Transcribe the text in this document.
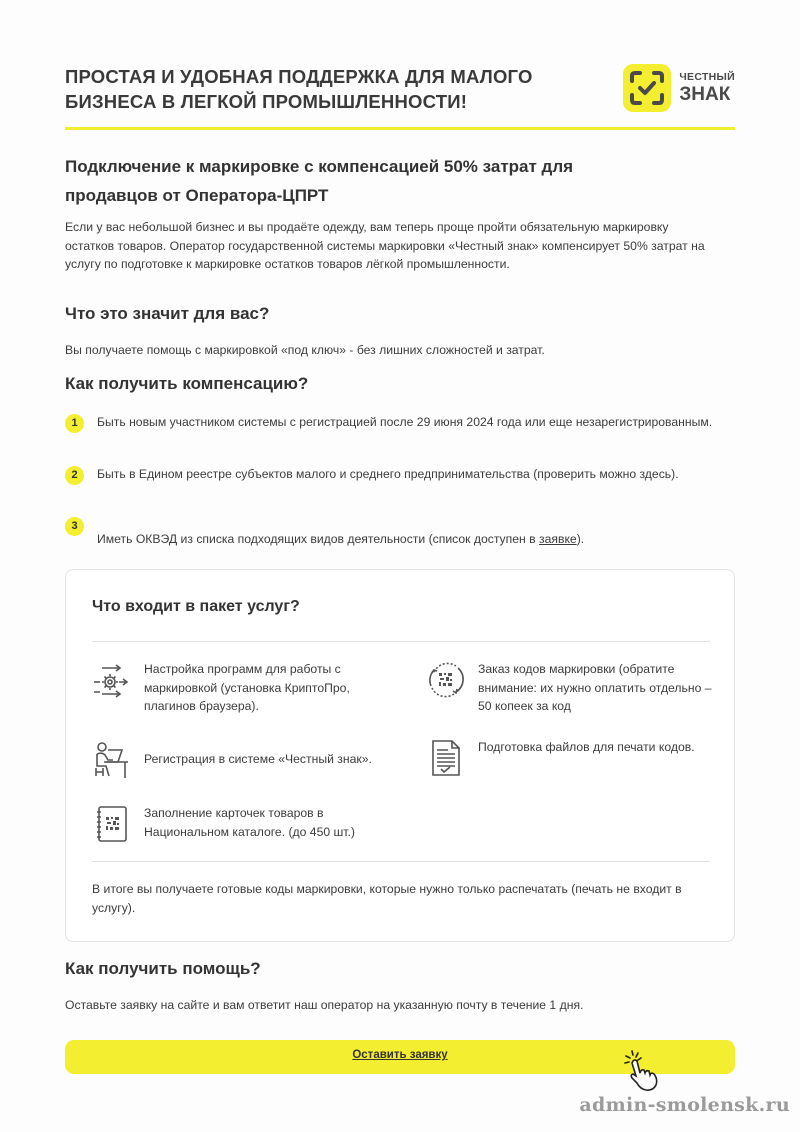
ПРОСТАЯ И УДОБНАЯ ПОДДЕРЖКА ДЛЯ МАЛОГО БИЗНЕСА В ЛЕГКОЙ ПРОМЫШЛЕННОСТИ!
ЧЕСТНЫЙ
ЗНАК
Подключение к маркировке с компенсацией 50% затрат для продавцов от Оператора-ЦПРТ
Если у вас небольшой бизнес и вы продаёте одежду, вам теперь проще пройти обязательную маркировку остатков товаров. Оператор государственной системы маркировки «Честный знак» компенсирует 50% затрат на услугу по подготовке к маркировке остатков товаров лёгкой промышленности.
Что это значит для вас?
Вы получаете помощь с маркировкой «под ключ» - без лишних сложностей и затрат.
Как получить компенсацию?
1	Быть новым участником системы с регистрацией после 29 июня 2024 года или еще незарегистрированным.
2	Быть в Едином реестре субъектов малого и среднего предпринимательства (проверить можно здесь).
3
Иметь ОКВЭД из списка подходящих видов деятельности (список доступен в заявке).
Что входит в пакет услуг?
Настройка программ для работы с маркировкой (установка КриптоПро, плагинов браузера).
Заказ кодов маркировки (обратите внимание: их нужно оплатить отдельно – 50 копеек за код
Регистрация в системе «Честный знак».
Подготовка файлов для печати кодов.
Заполнение карточек товаров в Национальном каталоге. (до 450 шт.)
В итоге вы получаете готовые коды маркировки, которые нужно только распечатать (печать не входит в услугу).
Как получить помощь?
Оставьте заявку на сайте и вам ответит наш оператор на указанную почту в течение 1 дня.
Оставить заявку
admin-smolensk.ru
